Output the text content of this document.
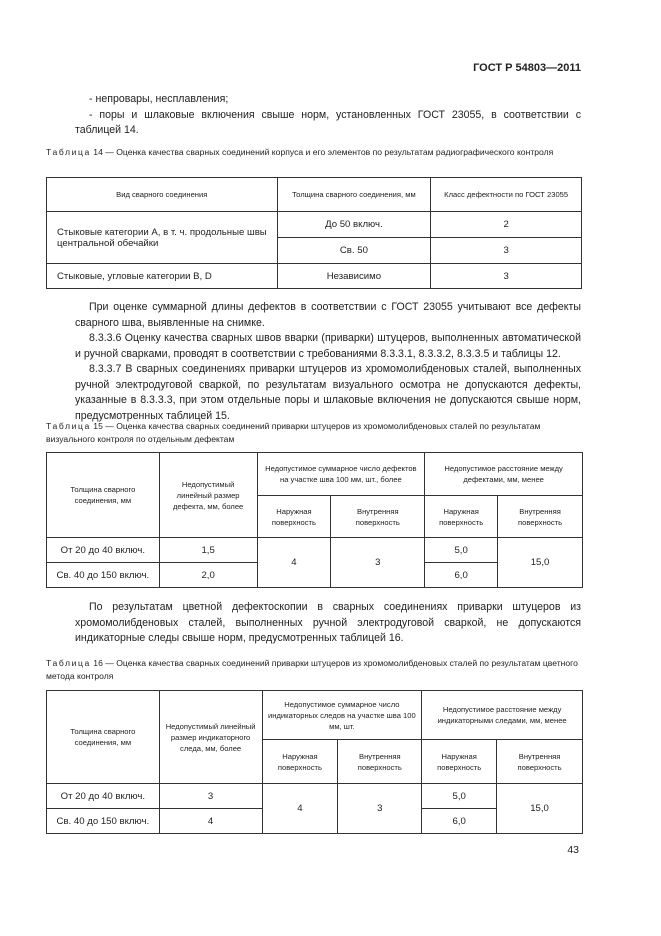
ГОСТ Р 54803—2011
- непровары, несплавления;
- поры и шлаковые включения свыше норм, установленных ГОСТ 23055, в соответствии с таблицей 14.
Таблица 14 — Оценка качества сварных соединений корпуса и его элементов по результатам радиографического контроля
Вид сварного соединения	Толщина сварного соединения, мм	Класс дефектности по ГОСТ 23055
Стыковые категории А, в т. ч. продольные швы центральной обечайки	До 50 включ.	2
	Св. 50	3
Стыковые, угловые категории В, D	Независимо	3
При оценке суммарной длины дефектов в соответствии с ГОСТ 23055 учитывают все дефекты сварного шва, выявленные на снимке.
8.3.3.6 Оценку качества сварных швов вварки (приварки) штуцеров, выполненных автоматической и ручной сварками, проводят в соответствии с требованиями 8.3.3.1, 8.3.3.2, 8.3.3.5 и таблицы 12.
8.3.3.7 В сварных соединениях приварки штуцеров из хромомолибденовых сталей, выполненных ручной электродуговой сваркой, по результатам визуального осмотра не допускаются дефекты, указанные в 8.3.3.3, при этом отдельные поры и шлаковые включения не допускаются свыше норм, предусмотренных таблицей 15.
Таблица 15 — Оценка качества сварных соединений приварки штуцеров из хромомолибденовых сталей по результатам визуального контроля по отдельным дефектам
Толщина сварного соединения, мм	Недопустимый линейный размер дефекта, мм, более	Недопустимое суммарное число дефектов на участке шва 100 мм, шт., более		Недопустимое расстояние между дефектами, мм, менее	
		Наружная поверхность	Внутренняя поверхность	Наружная поверхность	Внутренняя поверхность
От 20 до 40 включ.	1,5	4	3	5,0	15,0
Св. 40 до 150 включ.	2,0			6,0	
По результатам цветной дефектоскопии в сварных соединениях приварки штуцеров из хромомолибденовых сталей, выполненных ручной электродуговой сваркой, не допускаются индикаторные следы свыше норм, предусмотренных таблицей 16.
Таблица 16 — Оценка качества сварных соединений приварки штуцеров из хромомолибденовых сталей по результатам цветного метода контроля
Толщина сварного соединения, мм	Недопустимый линейный размер индикаторного следа, мм, более	Недопустимое суммарное число индикаторных следов на участке шва 100 мм, шт.		Недопустимое расстояние между индикаторными следами, мм, менее	
		Наружная поверхность	Внутренняя поверхность	Наружная поверхность	Внутренняя поверхность
От 20 до 40 включ.	3	4	3	5,0	15,0
Св. 40 до 150 включ.	4			6,0	
43
